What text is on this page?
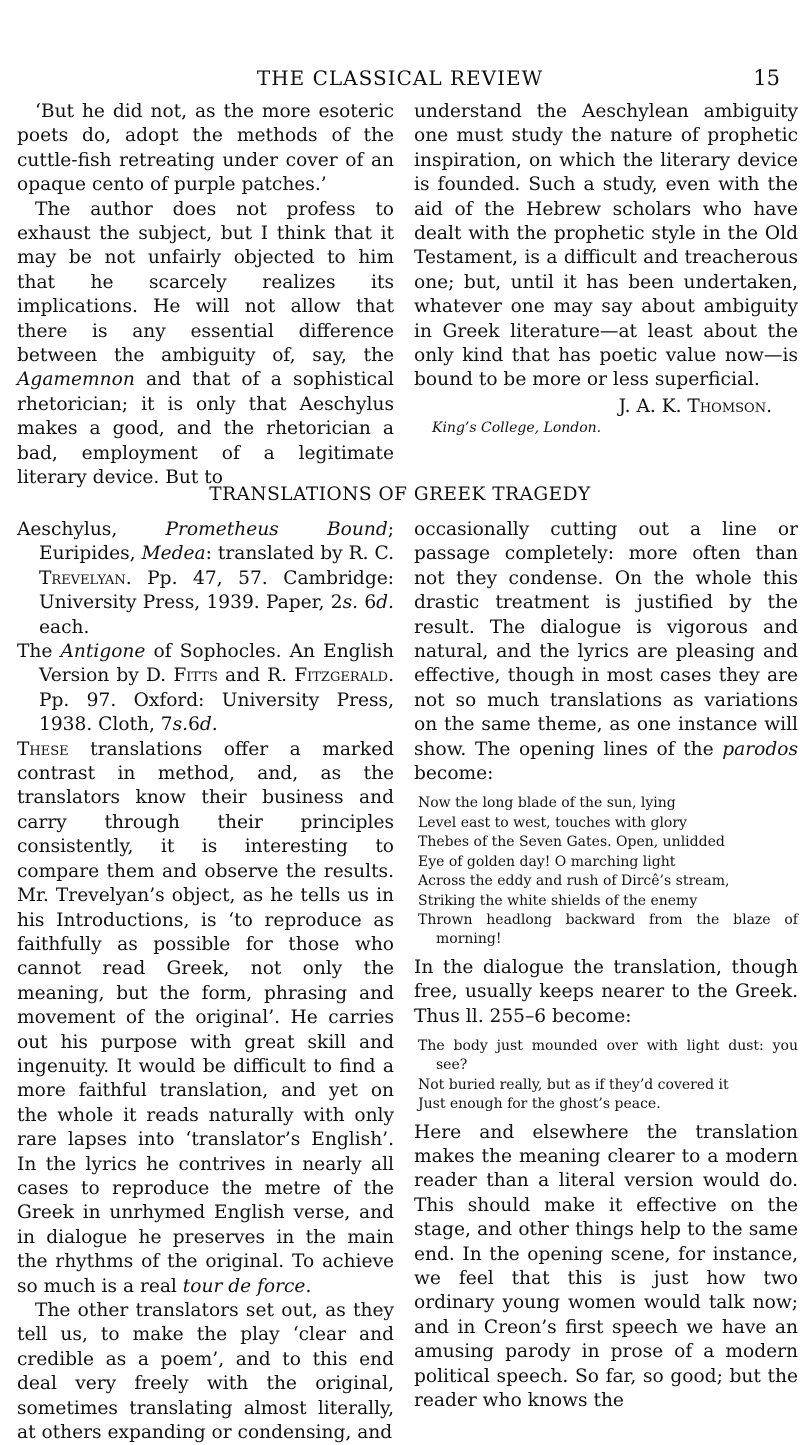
THE CLASSICAL REVIEW	15

‘But he did not, as the more esoteric poets do, adopt the methods of the cuttle-fish retreating under cover of an opaque cento of purple patches.’

The author does not profess to exhaust the subject, but I think that it may be not unfairly objected to him that he scarcely realizes its implications. He will not allow that there is any essential difference between the ambiguity of, say, the Agamemnon and that of a sophistical rhetorician; it is only that Aeschylus makes a good, and the rhetorician a bad, employment of a legitimate literary device. But to

understand the Aeschylean ambiguity one must study the nature of prophetic inspiration, on which the literary device is founded. Such a study, even with the aid of the Hebrew scholars who have dealt with the prophetic style in the Old Testament, is a difficult and treacherous one; but, until it has been undertaken, whatever one may say about ambiguity in Greek literature—at least about the only kind that has poetic value now—is bound to be more or less superficial.

J. A. K. Thomson.
King’s College, London.
TRANSLATIONS OF GREEK TRAGEDY

Aeschylus, Prometheus Bound; Euripides, Medea: translated by R. C. Trevelyan. Pp. 47, 57. Cambridge: University Press, 1939. Paper, 2s. 6d. each.

The Antigone of Sophocles. An English Version by D. Fitts and R. Fitzgerald. Pp. 97. Oxford: University Press, 1938. Cloth, 7s.6d.

These translations offer a marked contrast in method, and, as the translators know their business and carry through their principles consistently, it is interesting to compare them and observe the results. Mr. Trevelyan’s object, as he tells us in his Introductions, is ‘to reproduce as faithfully as possible for those who cannot read Greek, not only the meaning, but the form, phrasing and movement of the original’. He carries out his purpose with great skill and ingenuity. It would be difficult to find a more faithful translation, and yet on the whole it reads naturally with only rare lapses into ‘translator’s English’. In the lyrics he contrives in nearly all cases to reproduce the metre of the Greek in unrhymed English verse, and in dialogue he preserves in the main the rhythms of the original. To achieve so much is a real tour de force.

The other translators set out, as they tell us, to make the play ‘clear and credible as a poem’, and to this end deal very freely with the original, sometimes translating almost literally, at others expanding or condensing, and

occasionally cutting out a line or passage completely: more often than not they condense. On the whole this drastic treatment is justified by the result. The dialogue is vigorous and natural, and the lyrics are pleasing and effective, though in most cases they are not so much translations as variations on the same theme, as one instance will show. The opening lines of the parodos become:

Now the long blade of the sun, lying
Level east to west, touches with glory
Thebes of the Seven Gates. Open, unlidded
Eye of golden day! O marching light
Across the eddy and rush of Dircê’s stream,
Striking the white shields of the enemy
Thrown headlong backward from the blaze of morning!

In the dialogue the translation, though free, usually keeps nearer to the Greek. Thus ll. 255–6 become:

The body just mounded over with light dust: you see?
Not buried really, but as if they’d covered it
Just enough for the ghost’s peace.

Here and elsewhere the translation makes the meaning clearer to a modern reader than a literal version would do. This should make it effective on the stage, and other things help to the same end. In the opening scene, for instance, we feel that this is just how two ordinary young women would talk now; and in Creon’s first speech we have an amusing parody in prose of a modern political speech. So far, so good; but the reader who knows the
